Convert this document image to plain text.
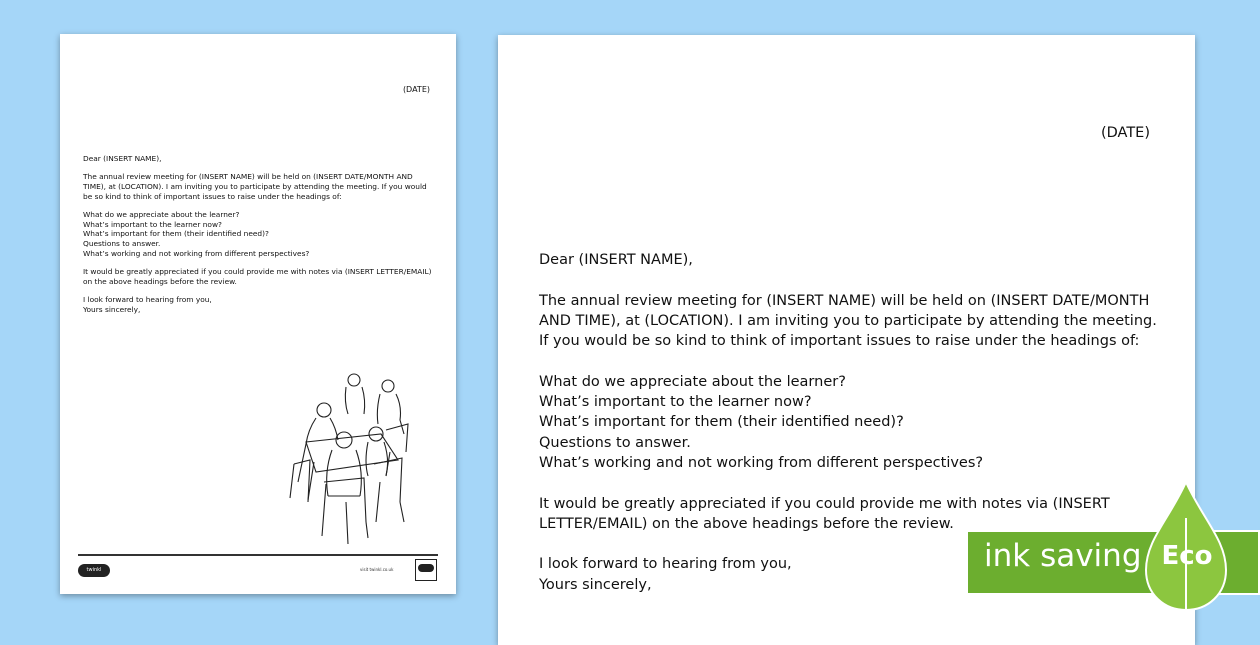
(DATE)

Dear (INSERT NAME),

The annual review meeting for (INSERT NAME) will be held on (INSERT DATE/MONTH AND TIME), at (LOCATION). I am inviting you to participate by attending the meeting. If you would be so kind to think of important issues to raise under the headings of:

What do we appreciate about the learner?
What’s important to the learner now?
What’s important for them (their identified need)?
Questions to answer.
What’s working and not working from different perspectives?

It would be greatly appreciated if you could provide me with notes via (INSERT LETTER/EMAIL) on the above headings before the review.

I look forward to hearing from you,
Yours sincerely,

twinkl	visit twinkl.co.uk
(DATE)

Dear (INSERT NAME),

The annual review meeting for (INSERT NAME) will be held on (INSERT DATE/MONTH
AND TIME), at (LOCATION). I am inviting you to participate by attending the meeting.
If you would be so kind to think of important issues to raise under the headings of:

What do we appreciate about the learner?
What’s important to the learner now?
What’s important for them (their identified need)?
Questions to answer.
What’s working and not working from different perspectives?

It would be greatly appreciated if you could provide me with notes via (INSERT
LETTER/EMAIL) on the above headings before the review.

I look forward to hearing from you,
Yours sincerely,

ink saving Eco
